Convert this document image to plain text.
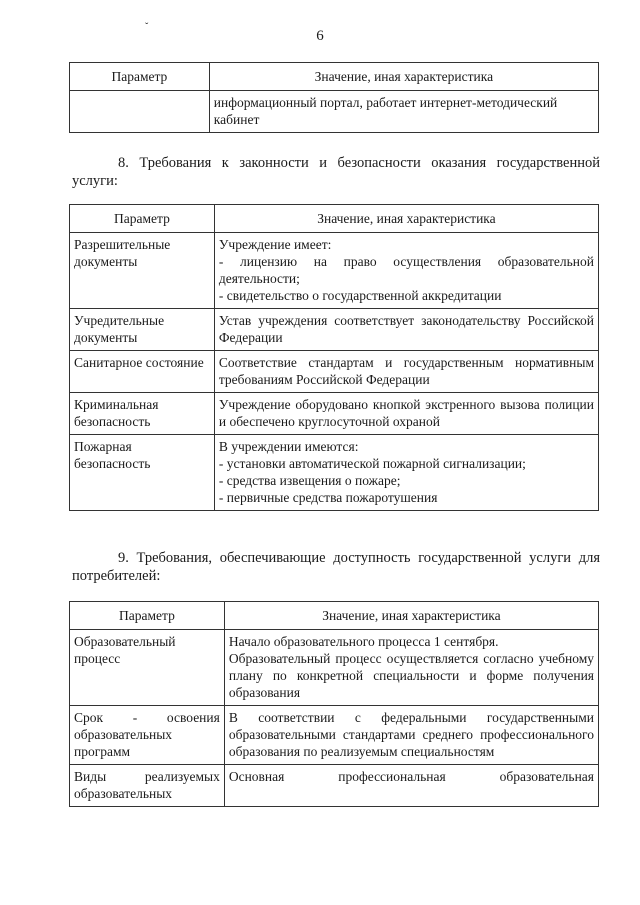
ˇ
6
Параметр	Значение, иная характеристика

	информационный портал, работает интернет-методический
кабинет
8. Требования к законности и безопасности оказания государственной услуги:
Параметр	Значение, иная характеристика
Разрешительные документы	Учреждение имеет:
- лицензию на право осуществления образовательной деятельности;
- свидетельство о государственной аккредитации

Учредительные документы	Устав учреждения соответствует законодательству Российской Федерации
Санитарное состояние	Соответствие стандартам и государственным нормативным требованиям Российской Федерации
Криминальная безопасность	Учреждение оборудовано кнопкой экстренного вызова полиции и обеспечено круглосуточной охраной
Пожарная безопасность	В учреждении имеются:
- установки автоматической пожарной сигнализации;
- средства извещения о пожаре;
- первичные средства пожаротушения
9. Требования, обеспечивающие доступность государственной услуги для потребителей:
Параметр	Значение, иная характеристика
Образовательный процесс	Начало образовательного процесса 1 сентября.
Образовательный процесс осуществляется согласно учебному плану по конкретной специальности и форме получения образования

Срок - освоения образовательных программ	В соответствии с федеральными государственными образовательными стандартами среднего профессионального образования по реализуемым специальностям
Виды реализуемых образовательных	Основная профессиональная образовательная
